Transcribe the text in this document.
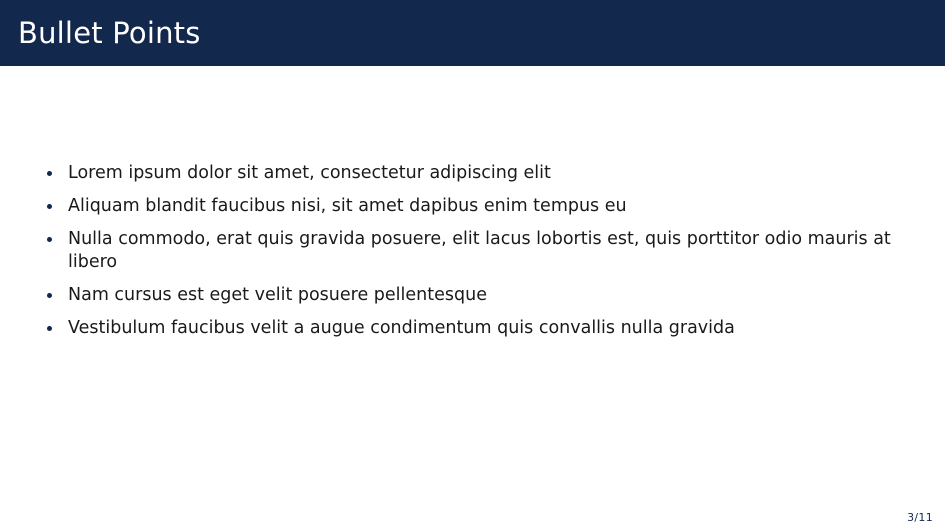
Bullet Points
Lorem ipsum dolor sit amet, consectetur adipiscing elit
Aliquam blandit faucibus nisi, sit amet dapibus enim tempus eu
Nulla commodo, erat quis gravida posuere, elit lacus lobortis est, quis porttitor odio mauris at libero
Nam cursus est eget velit posuere pellentesque
Vestibulum faucibus velit a augue condimentum quis convallis nulla gravida
3/11
